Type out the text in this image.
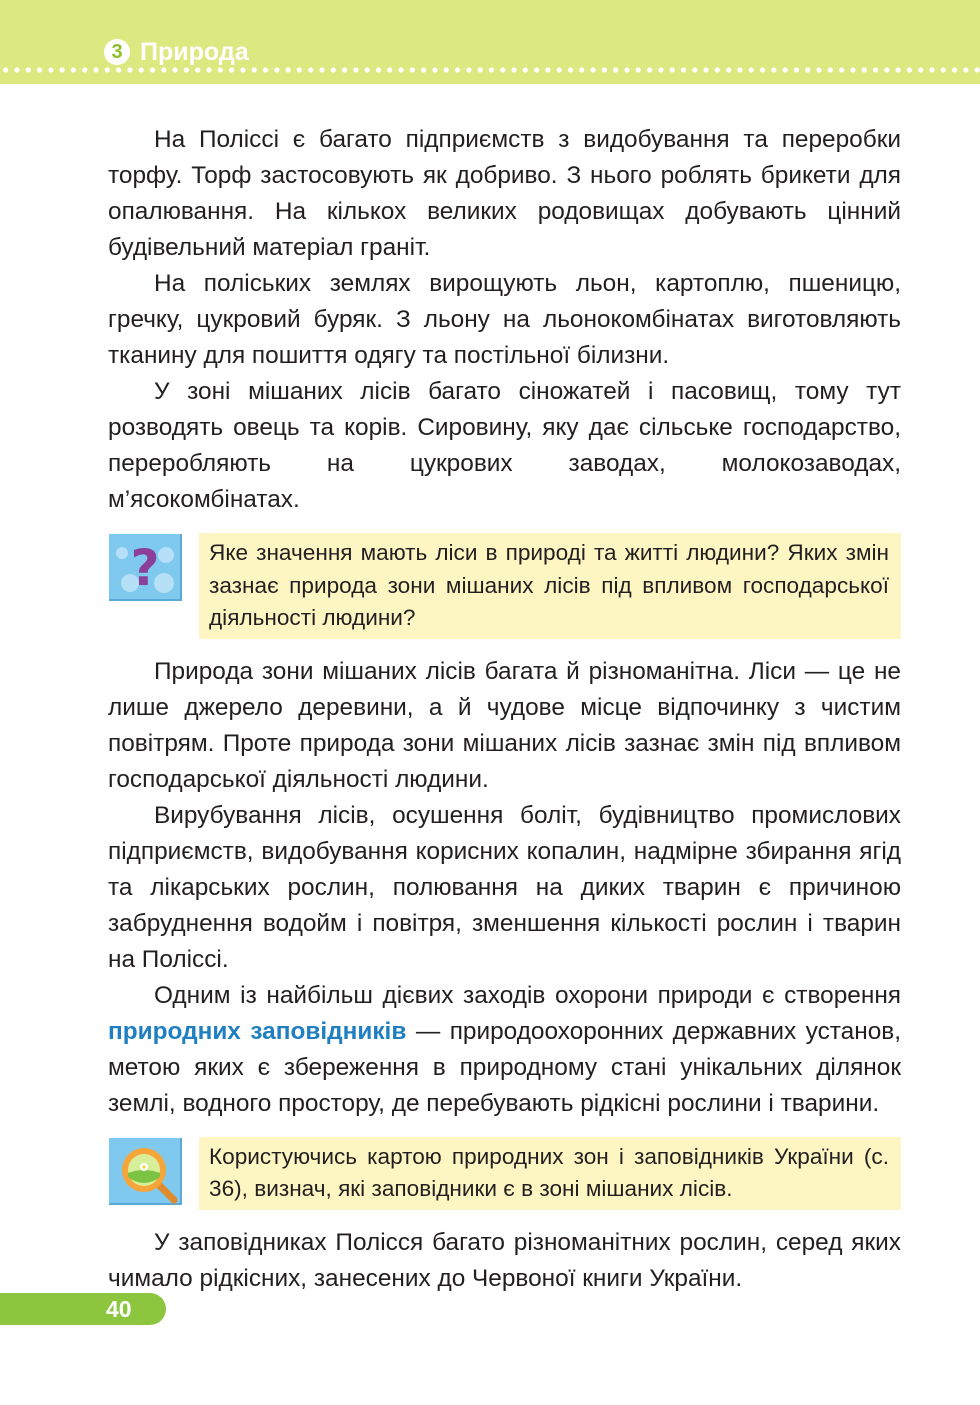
3 Природа

На Поліссі є багато підприємств з видобування та переробки торфу. Торф застосовують як добриво. З нього роблять брикети для опалювання. На кількох великих родовищах добувають цінний будівельний матеріал граніт.

На поліських землях вирощують льон, картоплю, пшеницю, гречку, цукровий буряк. З льону на льонокомбінатах виготовляють тканину для пошиття одягу та постільної білизни.

У зоні мішаних лісів багато сіножатей і пасовищ, тому тут розводять овець та корів. Сировину, яку дає сільське господарство, переробляють на цукрових заводах, молокозаводах, м’ясокомбінатах.

?	Яке значення мають ліси в природі та житті людини? Яких змін зазнає природа зони мішаних лісів під впливом господарської діяльності людини?

Природа зони мішаних лісів багата й різноманітна. Ліси — це не лише джерело деревини, а й чудове місце відпочинку з чистим повітрям. Проте природа зони мішаних лісів зазнає змін під впливом господарської діяльності людини.

Вирубування лісів, осушення боліт, будівництво промислових підприємств, видобування корисних копалин, надмірне збирання ягід та лікарських рослин, полювання на диких тварин є причиною забруднення водойм і повітря, зменшення кількості рослин і тварин на Поліссі.

Одним із найбільш дієвих заходів охорони природи є створення природних заповідників — природоохоронних державних установ, метою яких є збереження в природному стані унікальних ділянок землі, водного простору, де перебувають рідкісні рослини і тварини.

Користуючись картою природних зон і заповідників України (с. 36), визнач, які заповідники є в зоні мішаних лісів.

У заповідниках Полісся багато різноманітних рослин, серед яких чимало рідкісних, занесених до Червоної книги України.

40
